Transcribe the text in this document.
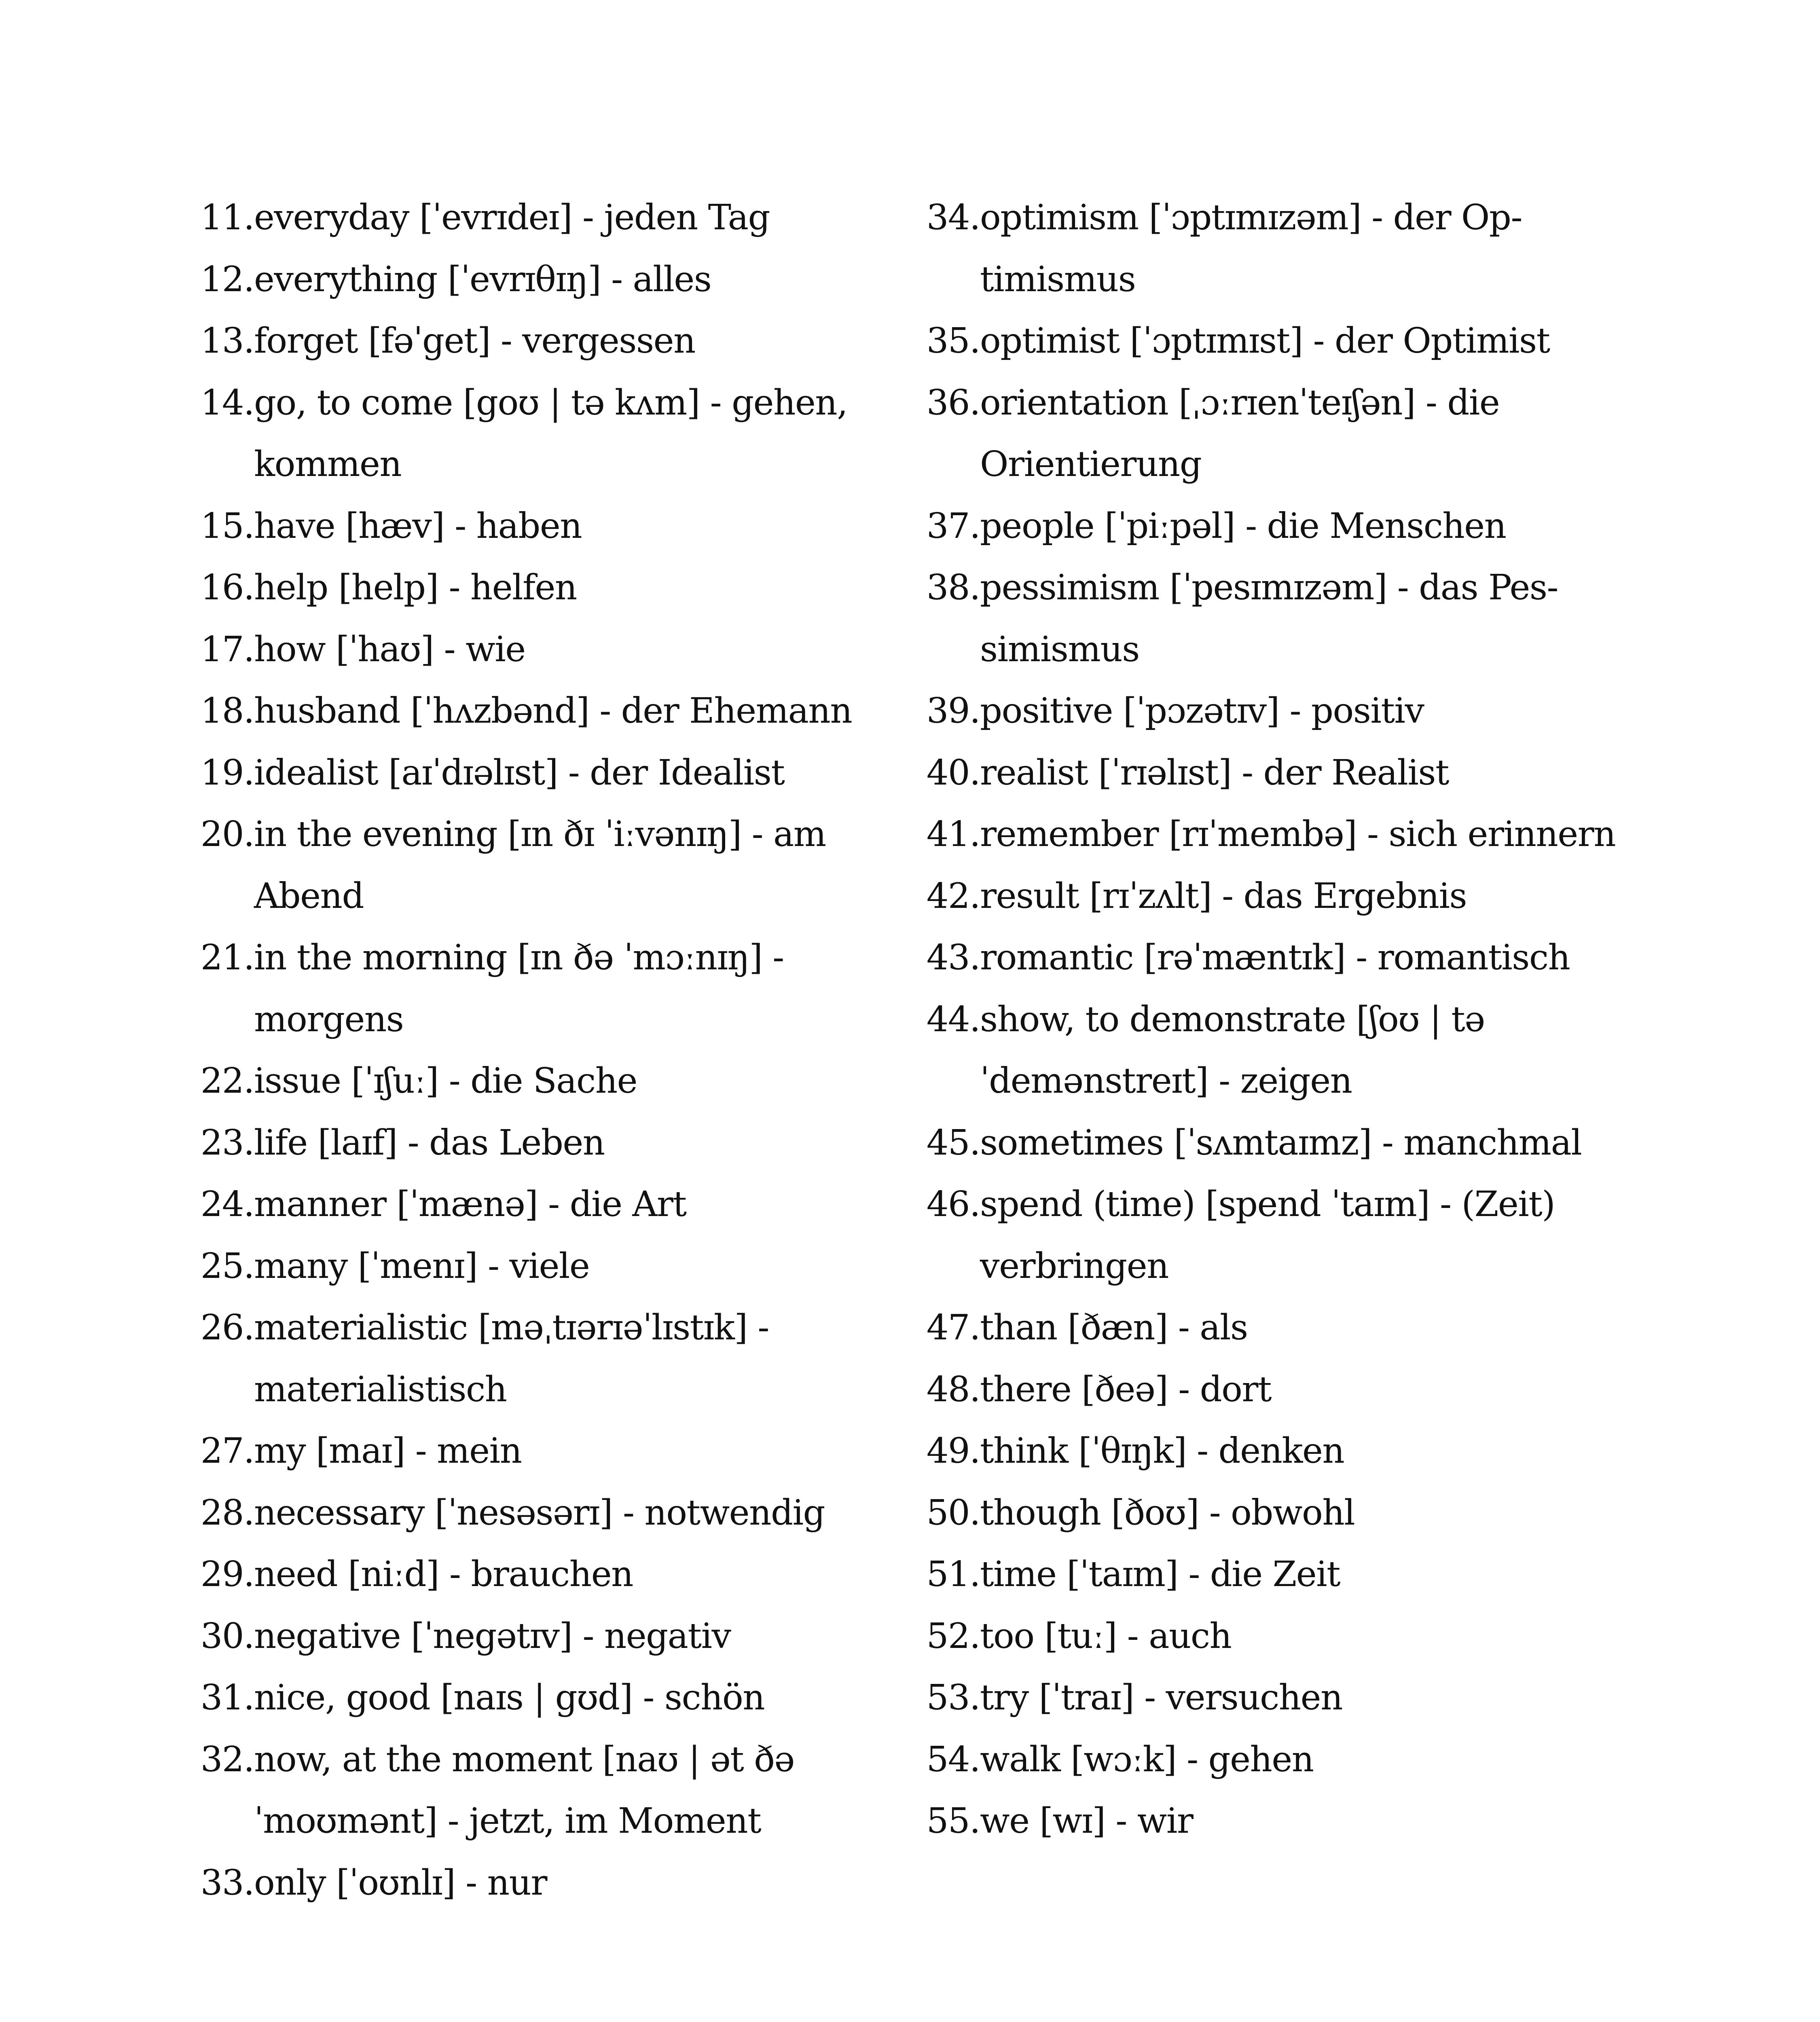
11. everyday [ˈevrɪdeɪ] - jeden Tag
12. everything [ˈevrɪθɪŋ] - alles
13. forget [fəˈget] - vergessen
14. go, to come [goʊ | tə kʌm] - gehen, kommen
15. have [hæv] - haben
16. help [help] - helfen
17. how [ˈhaʊ] - wie
18. husband [ˈhʌzbənd] - der Ehemann
19. idealist [aɪˈdɪəlɪst] - der Idealist
20. in the evening [ɪn ðɪ ˈiːvənɪŋ] - am Abend
21. in the morning [ɪn ðə ˈmɔːnɪŋ] - morgens
22. issue [ˈɪʃuː] - die Sache
23. life [laɪf] - das Leben
24. manner [ˈmænə] - die Art
25. many [ˈmenɪ] - viele
26. materialistic [məˌtɪərɪəˈlɪstɪk] - materialistisch
27. my [maɪ] - mein
28. necessary [ˈnesəsərɪ] - notwendig
29. need [niːd] - brauchen
30. negative [ˈnegətɪv] - negativ
31. nice, good [naɪs | gʊd] - schön
32. now, at the moment [naʊ | ət ðə ˈmoʊmənt] - jetzt, im Moment
33. only [ˈoʊnlɪ] - nur
34. optimism [ˈɔptɪmɪzəm] - der Optimismus
35. optimist [ˈɔptɪmɪst] - der Optimist
36. orientation [ˌɔːrɪenˈteɪʃən] - die Orientierung
37. people [ˈpiːpəl] - die Menschen
38. pessimism [ˈpesɪmɪzəm] - das Pessimismus
39. positive [ˈpɔzətɪv] - positiv
40. realist [ˈrɪəlɪst] - der Realist
41. remember [rɪˈmembə] - sich erinnern
42. result [rɪˈzʌlt] - das Ergebnis
43. romantic [rəˈmæntɪk] - romantisch
44. show, to demonstrate [ʃoʊ | tə ˈdemənstreɪt] - zeigen
45. sometimes [ˈsʌmtaɪmz] - manchmal
46. spend (time) [spend ˈtaɪm] - (Zeit) verbringen
47. than [ðæn] - als
48. there [ðeə] - dort
49. think [ˈθɪŋk] - denken
50. though [ðoʊ] - obwohl
51. time [ˈtaɪm] - die Zeit
52. too [tuː] - auch
53. try [ˈtraɪ] - versuchen
54. walk [wɔːk] - gehen
55. we [wɪ] - wir
